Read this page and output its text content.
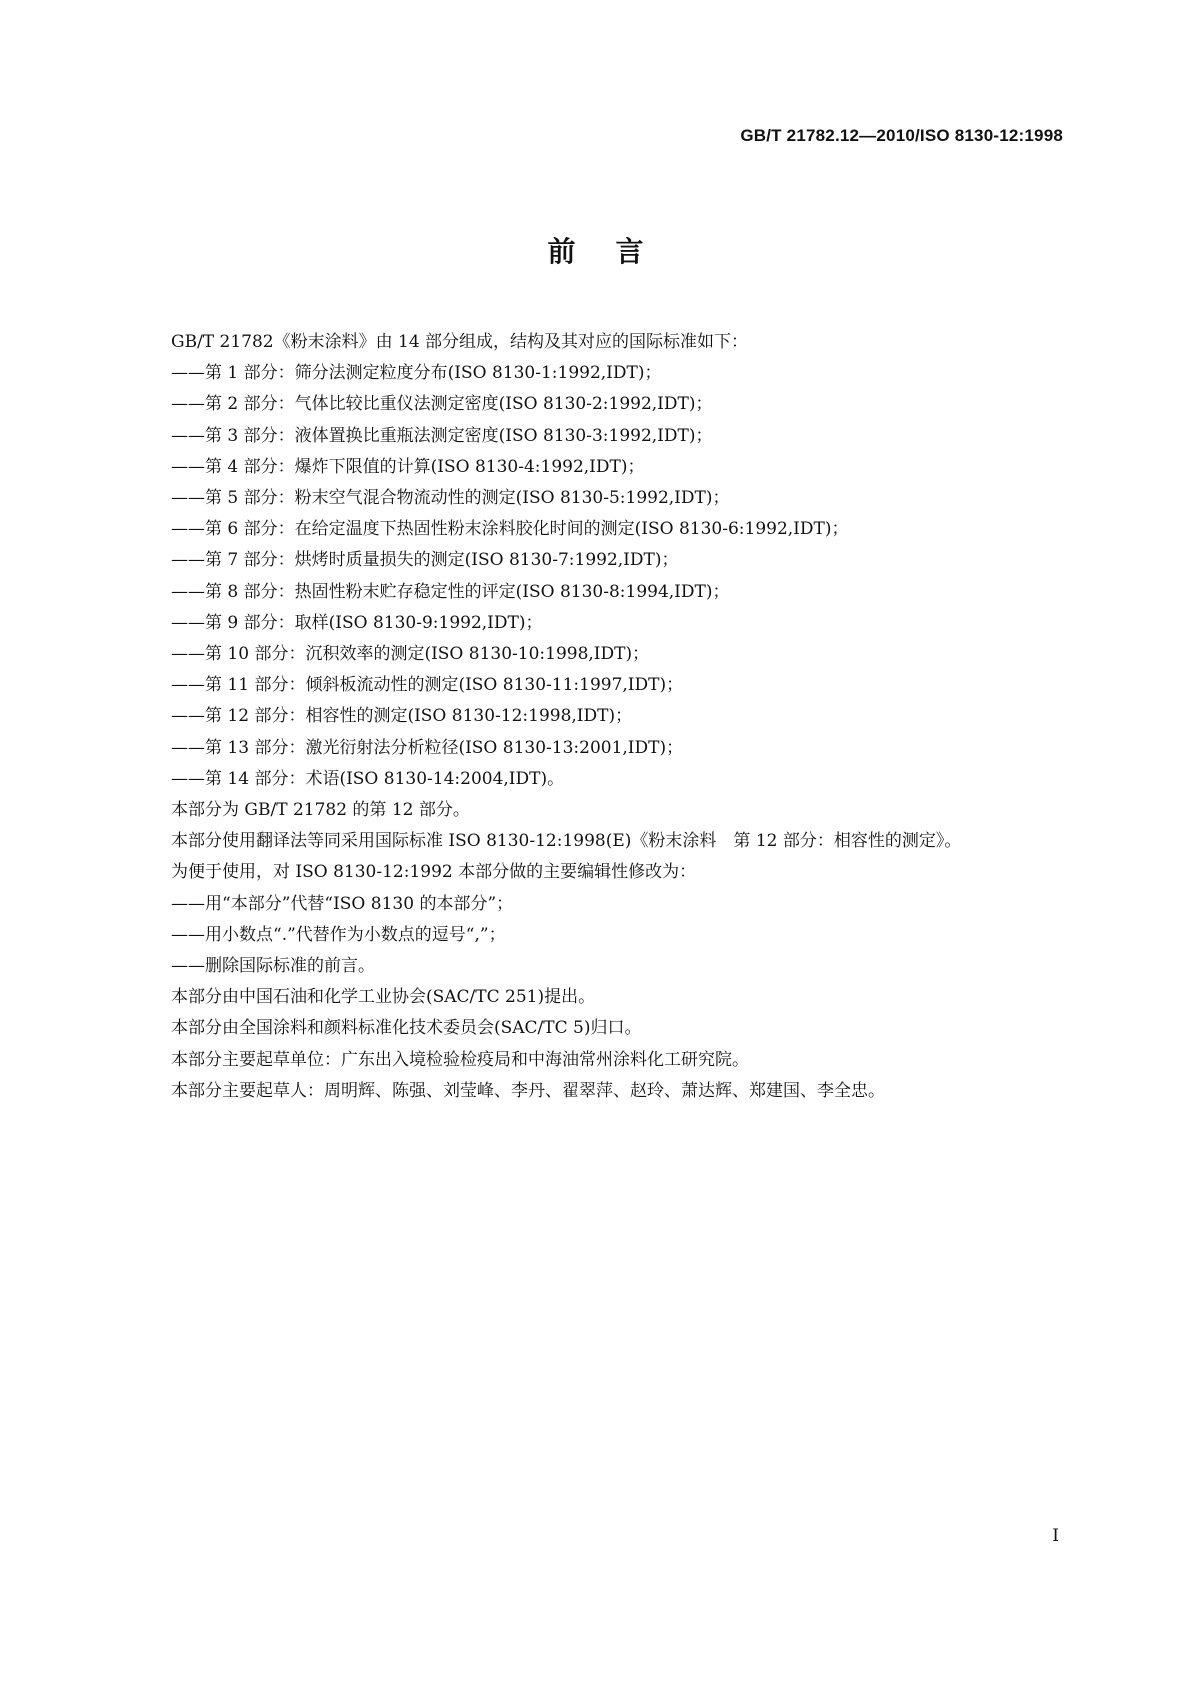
GB/T 21782.12—2010/ISO 8130-12:1998
前言

GB/T 21782《粉末涂料》由 14 部分组成，结构及其对应的国际标准如下：

——第 1 部分：筛分法测定粒度分布(ISO 8130-1:1992,IDT)；

——第 2 部分：气体比较比重仪法测定密度(ISO 8130-2:1992,IDT)；

——第 3 部分：液体置换比重瓶法测定密度(ISO 8130-3:1992,IDT)；

——第 4 部分：爆炸下限值的计算(ISO 8130-4:1992,IDT)；

——第 5 部分：粉末空气混合物流动性的测定(ISO 8130-5:1992,IDT)；

——第 6 部分：在给定温度下热固性粉末涂料胶化时间的测定(ISO 8130-6:1992,IDT)；

——第 7 部分：烘烤时质量损失的测定(ISO 8130-7:1992,IDT)；

——第 8 部分：热固性粉末贮存稳定性的评定(ISO 8130-8:1994,IDT)；

——第 9 部分：取样(ISO 8130-9:1992,IDT)；

——第 10 部分：沉积效率的测定(ISO 8130-10:1998,IDT)；

——第 11 部分：倾斜板流动性的测定(ISO 8130-11:1997,IDT)；

——第 12 部分：相容性的测定(ISO 8130-12:1998,IDT)；

——第 13 部分：激光衍射法分析粒径(ISO 8130-13:2001,IDT)；

——第 14 部分：术语(ISO 8130-14:2004,IDT)。

本部分为 GB/T 21782 的第 12 部分。

本部分使用翻译法等同采用国际标准 ISO 8130-12:1998(E)《粉末涂料　第 12 部分：相容性的测定》。

为便于使用，对 ISO 8130-12:1992 本部分做的主要编辑性修改为：

——用“本部分”代替“ISO 8130 的本部分”；

——用小数点“.”代替作为小数点的逗号“,”；

——删除国际标准的前言。

本部分由中国石油和化学工业协会(SAC/TC 251)提出。

本部分由全国涂料和颜料标准化技术委员会(SAC/TC 5)归口。

本部分主要起草单位：广东出入境检验检疫局和中海油常州涂料化工研究院。

本部分主要起草人：周明辉、陈强、刘莹峰、李丹、翟翠萍、赵玲、萧达辉、郑建国、李全忠。

I
